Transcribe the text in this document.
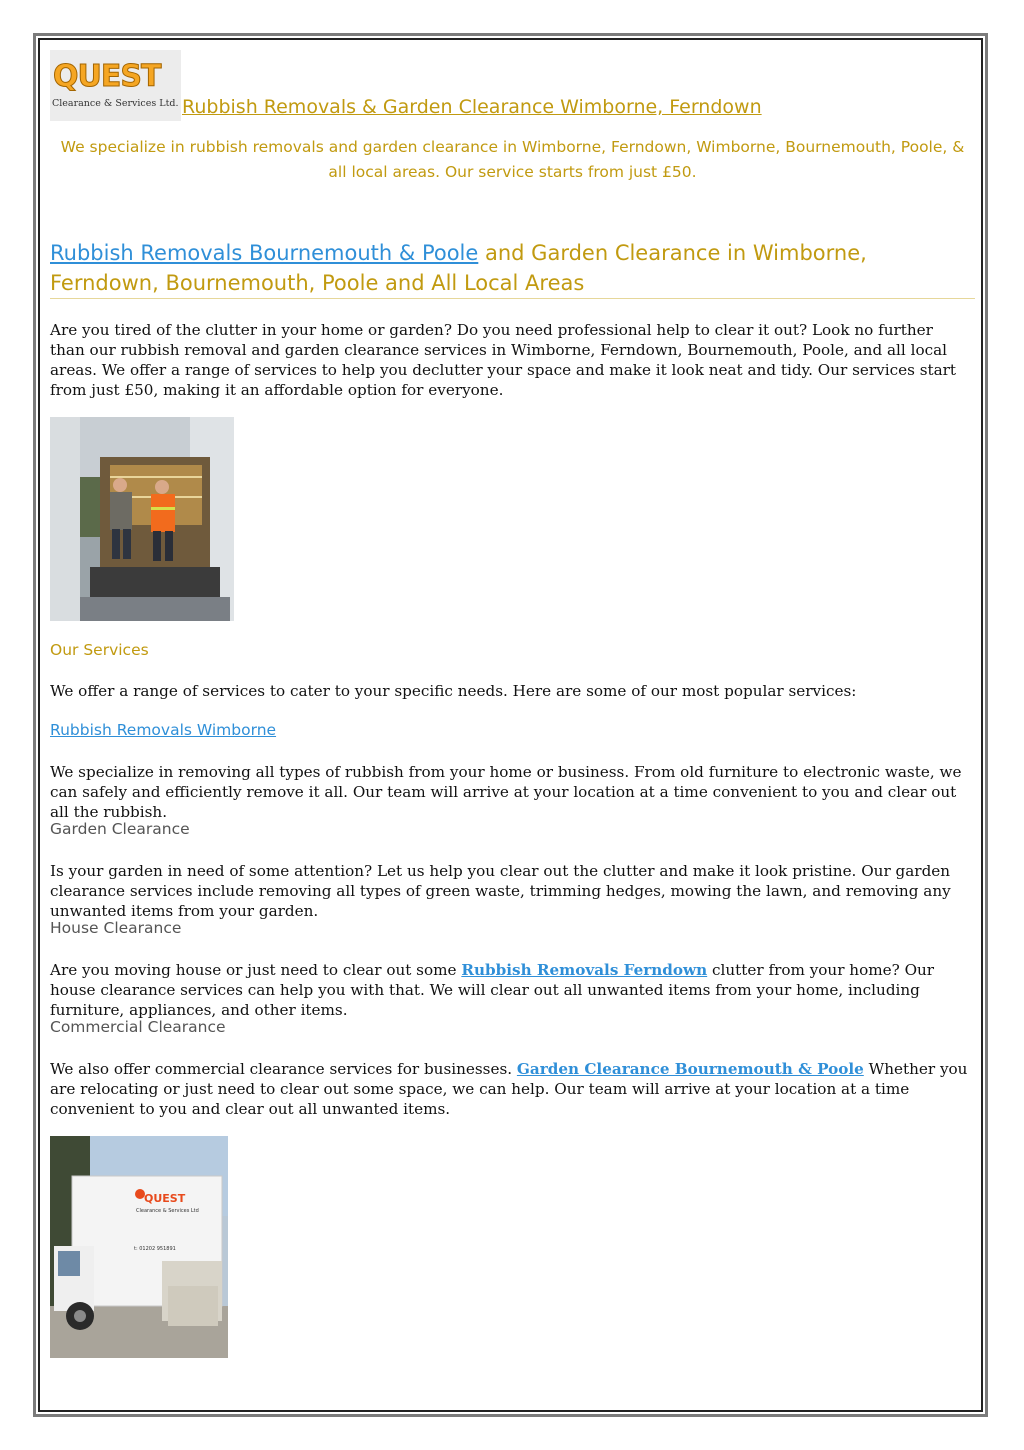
QUEST
Clearance & Services Ltd. Rubbish Removals & Garden Clearance Wimborne, Ferndown
We specialize in rubbish removals and garden clearance in Wimborne, Ferndown, Wimborne, Bournemouth, Poole, & all local areas. Our service starts from just £50.
Rubbish Removals Bournemouth & Poole and Garden Clearance in Wimborne, Ferndown, Bournemouth, Poole and All Local Areas

Are you tired of the clutter in your home or garden? Do you need professional help to clear it out? Look no further than our rubbish removal and garden clearance services in Wimborne, Ferndown, Bournemouth, Poole, and all local areas. We offer a range of services to help you declutter your space and make it look neat and tidy. Our services start from just £50, making it an affordable option for everyone.

Our Services

We offer a range of services to cater to your specific needs. Here are some of our most popular services:

Rubbish Removals Wimborne

We specialize in removing all types of rubbish from your home or business. From old furniture to electronic waste, we can safely and efficiently remove it all. Our team will arrive at your location at a time convenient to you and clear out all the rubbish.

Garden Clearance

Is your garden in need of some attention? Let us help you clear out the clutter and make it look pristine. Our garden clearance services include removing all types of green waste, trimming hedges, mowing the lawn, and removing any unwanted items from your garden.

House Clearance

Are you moving house or just need to clear out some Rubbish Removals Ferndown clutter from your home? Our house clearance services can help you with that. We will clear out all unwanted items from your home, including furniture, appliances, and other items.

Commercial Clearance

We also offer commercial clearance services for businesses. Garden Clearance Bournemouth & Poole Whether you are relocating or just need to clear out some space, we can help. Our team will arrive at your location at a time convenient to you and clear out all unwanted items.

QUEST
Clearance & Services Ltd
t: 01202 951891
